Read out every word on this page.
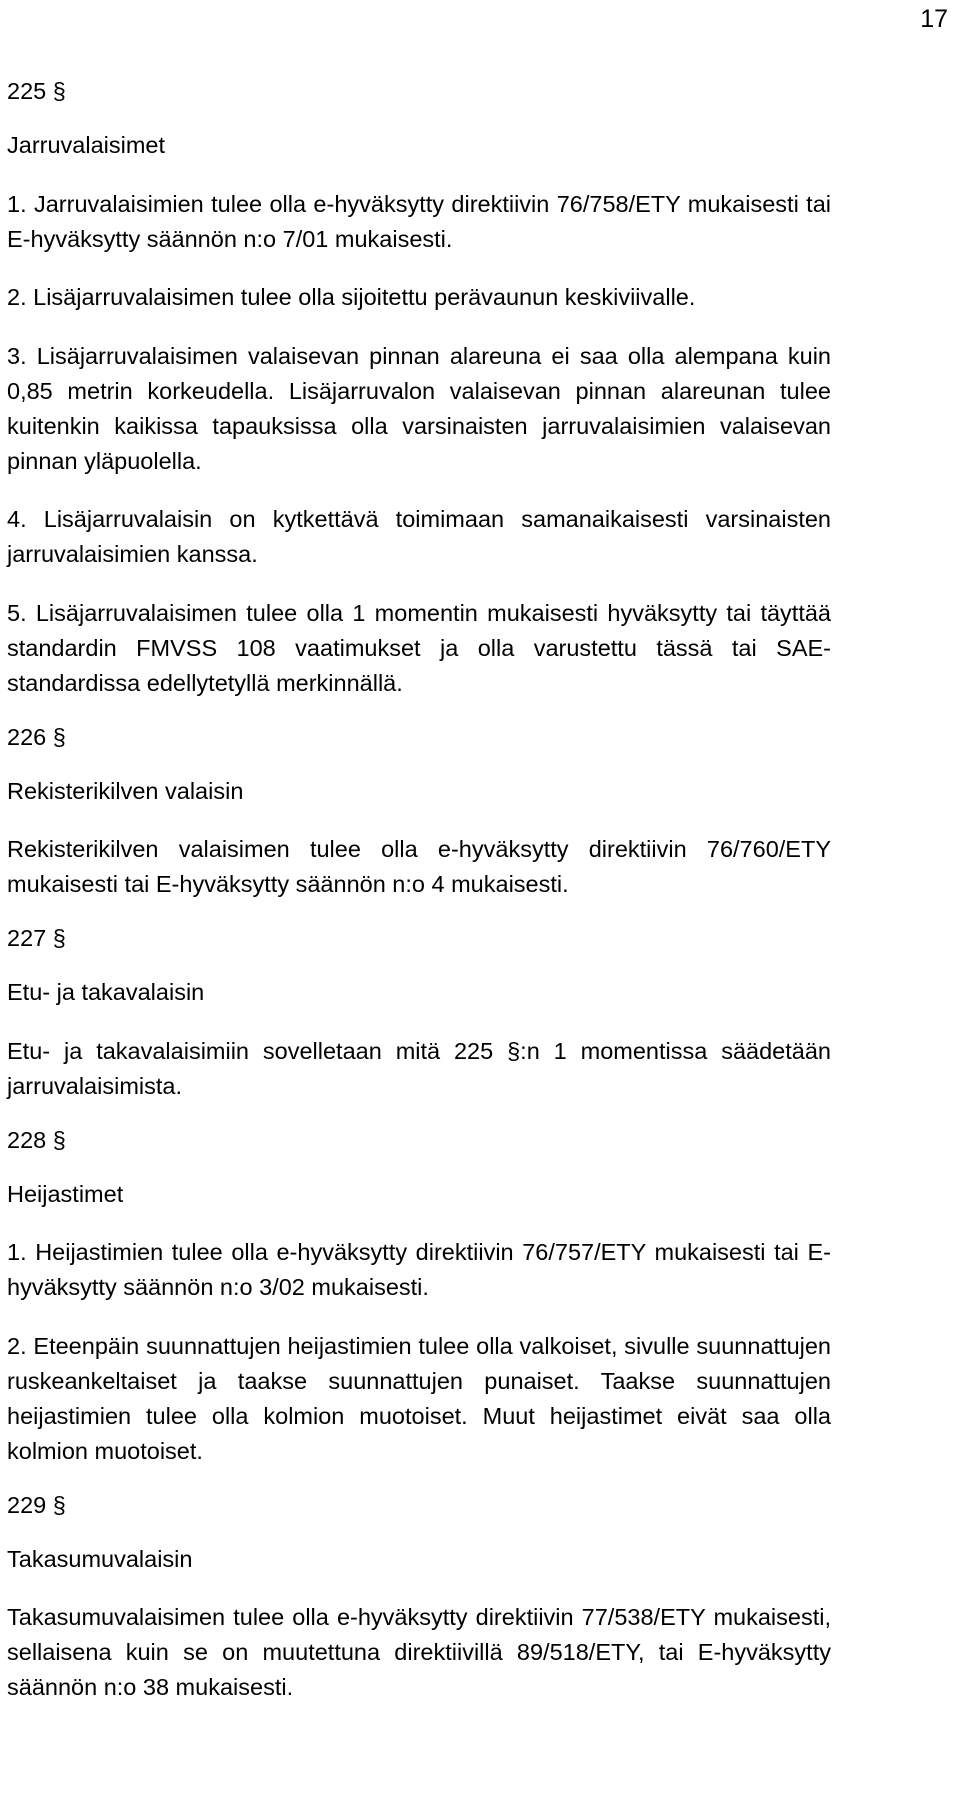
17
225 §
Jarruvalaisimet

1. Jarruvalaisimien tulee olla e-hyväksytty direktiivin 76/758/ETY mukaisesti tai E-hyväksytty säännön n:o 7/01 mukaisesti.

2. Lisäjarruvalaisimen tulee olla sijoitettu perävaunun keskiviivalle.

3. Lisäjarruvalaisimen valaisevan pinnan alareuna ei saa olla alempana kuin 0,85 metrin korkeudella. Lisäjarruvalon valaisevan pinnan alareunan tulee kuitenkin kaikissa tapauksissa olla varsinaisten jarruvalaisimien valaisevan pinnan yläpuolella.

4. Lisäjarruvalaisin on kytkettävä toimimaan samanaikaisesti varsinaisten jarruvalaisimien kanssa.

5. Lisäjarruvalaisimen tulee olla 1 momentin mukaisesti hyväksytty tai täyttää standardin FMVSS 108 vaatimukset ja olla varustettu tässä tai SAE-standardissa edellytetyllä merkinnällä.

226 §
Rekisterikilven valaisin

Rekisterikilven valaisimen tulee olla e-hyväksytty direktiivin 76/760/ETY mukaisesti tai E-hyväksytty säännön n:o 4 mukaisesti.

227 §
Etu- ja takavalaisin

Etu- ja takavalaisimiin sovelletaan mitä 225 §:n 1 momentissa säädetään jarruvalaisimista.

228 §
Heijastimet

1. Heijastimien tulee olla e-hyväksytty direktiivin 76/757/ETY mukaisesti tai E-hyväksytty säännön n:o 3/02 mukaisesti.

2. Eteenpäin suunnattujen heijastimien tulee olla valkoiset, sivulle suunnattujen ruskeankeltaiset ja taakse suunnattujen punaiset. Taakse suunnattujen heijastimien tulee olla kolmion muotoiset. Muut heijastimet eivät saa olla kolmion muotoiset.

229 §
Takasumuvalaisin

Takasumuvalaisimen tulee olla e-hyväksytty direktiivin 77/538/ETY mukaisesti, sellaisena kuin se on muutettuna direktiivillä 89/518/ETY, tai E-hyväksytty säännön n:o 38 mukaisesti.
